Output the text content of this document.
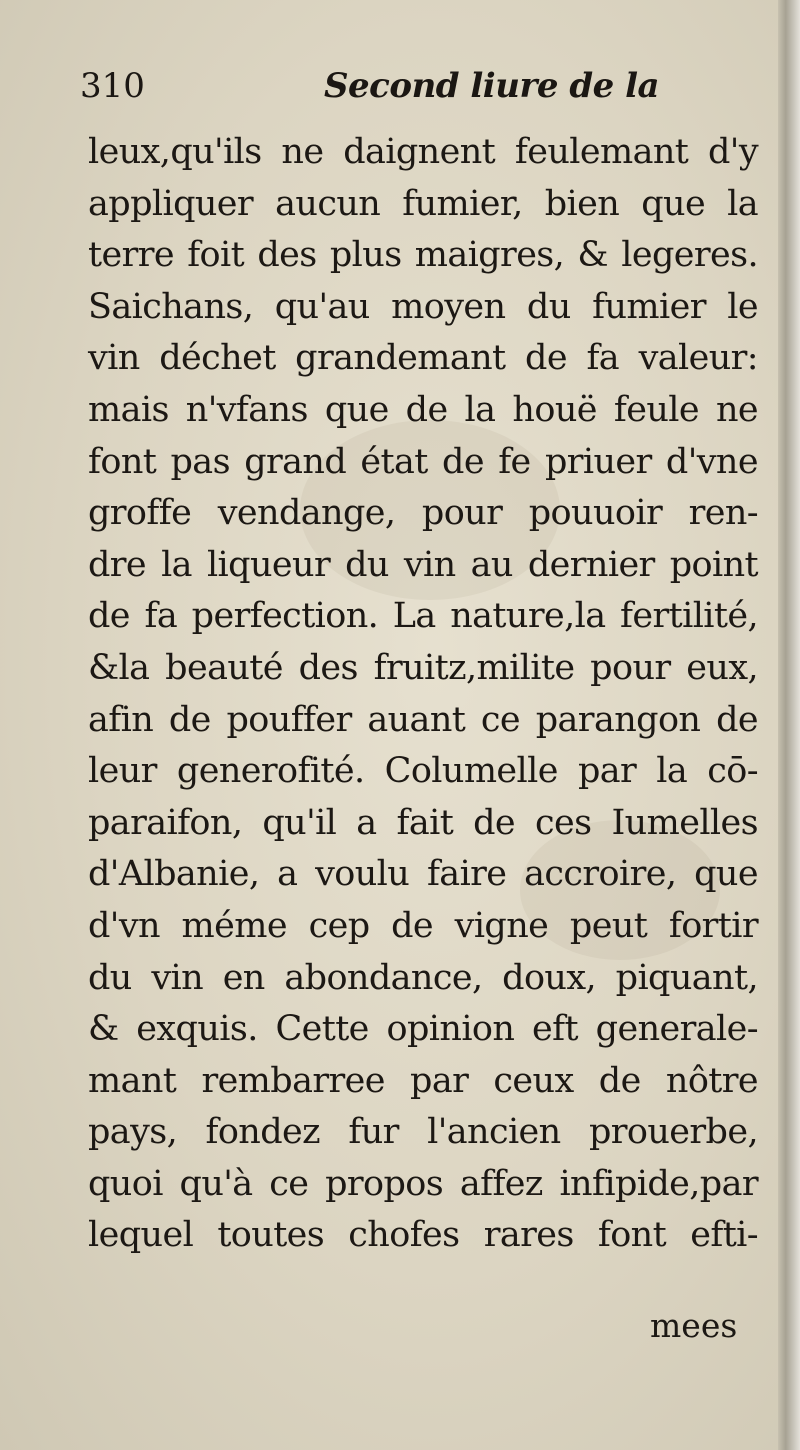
310	Second liure de la
leux,qu'ils ne daignent feulemant d'y
appliquer aucun fumier, bien que la
terre foit des plus maigres, & legeres.
Saichans, qu'au moyen du fumier le
vin déchet grandemant de fa valeur:
mais n'vfans que de la houë feule ne
font pas grand état de fe priuer d'vne
groffe vendange, pour pouuoir ren-
dre la liqueur du vin au dernier point
de fa perfection. La nature,la fertilité,
&la beauté des fruitz,milite pour eux,
afin de pouffer auant ce parangon de
leur generofité. Columelle par la cō-
paraifon, qu'il a fait de ces Iumelles
d'Albanie, a voulu faire accroire, que
d'vn méme cep de vigne peut fortir
du vin en abondance, doux, piquant,
& exquis. Cette opinion eft generale-
mant rembarree par ceux de nôtre
pays, fondez fur l'ancien prouerbe,
quoi qu'à ce propos affez infipide,par
lequel toutes chofes rares font efti-
mees
